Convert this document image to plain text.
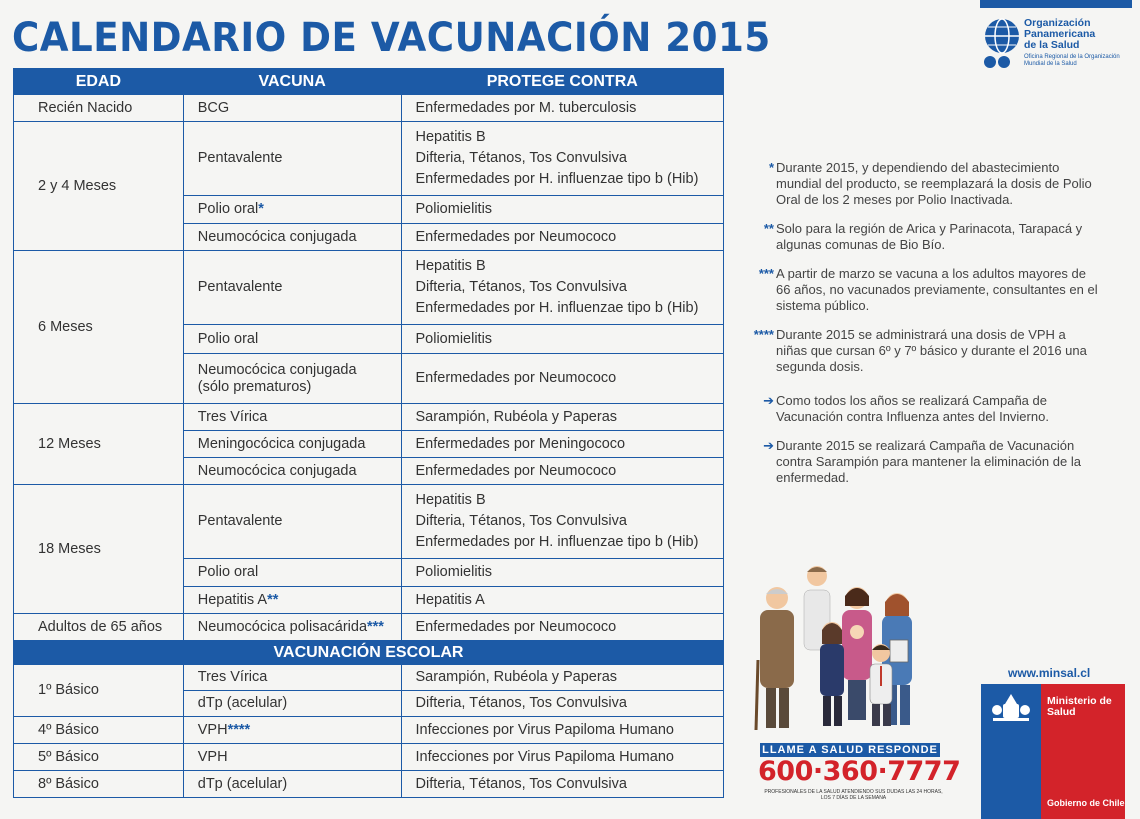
CALENDARIO DE VACUNACIÓN 2015	Organización
Panamericana
de la Salud
Oficina Regional de la Organización Mundial de la Salud
EDAD	VACUNA	PROTEGE CONTRA
Recién Nacido	BCG	Enfermedades por M. tuberculosis
2 y 4 Meses	Pentavalente	Hepatitis B
Difteria, Tétanos, Tos Convulsiva
Enfermedades por H. influenzae tipo b (Hib)

	Polio oral*	Poliomielitis
	Neumocócica conjugada	Enfermedades por Neumococo
6 Meses	Pentavalente	Hepatitis B
Difteria, Tétanos, Tos Convulsiva
Enfermedades por H. influenzae tipo b (Hib)

	Polio oral	Poliomielitis

	Neumocócica conjugada
(sólo prematuros)	Enfermedades por Neumococo
12 Meses	Tres Vírica	Sarampión, Rubéola y Paperas
	Meningocócica conjugada	Enfermedades por Meningococo
	Neumocócica conjugada	Enfermedades por Neumococo
18 Meses	Pentavalente	Hepatitis B
Difteria, Tétanos, Tos Convulsiva
Enfermedades por H. influenzae tipo b (Hib)

	Polio oral	Poliomielitis
	Hepatitis A**	Hepatitis A
Adultos de 65 años	Neumocócica polisacárida***	Enfermedades por Neumococo
VACUNACIÓN ESCOLAR		
1º Básico	Tres Vírica	Sarampión, Rubéola y Paperas
	dTp (acelular)	Difteria, Tétanos, Tos Convulsiva
4º Básico	VPH****	Infecciones por Virus Papiloma Humano
5º Básico	VPH	Infecciones por Virus Papiloma Humano
8º Básico	dTp (acelular)	Difteria, Tétanos, Tos Convulsiva
* Durante 2015, y dependiendo del abastecimiento mundial del producto, se reemplazará la dosis de Polio Oral de los 2 meses por Polio Inactivada.
** Solo para la región de Arica y Parinacota, Tarapacá y algunas comunas de Bio Bío.
*** A partir de marzo se vacuna a los adultos mayores de 66 años, no vacunados previamente, consultantes en el sistema público.
**** Durante 2015 se administrará una dosis de VPH a niñas que cursan 6º y 7º básico y durante el 2016 una segunda dosis.
➔ Como todos los años se realizará Campaña de Vacunación contra Influenza antes del Invierno.
➔ Durante 2015 se realizará Campaña de Vacunación contra Sarampión para mantener la eliminación de la enfermedad.
LLAME A SALUD RESPONDE
600·360·7777
PROFESIONALES DE LA SALUD ATENDIENDO SUS DUDAS LAS 24 HORAS,
LOS 7 DÍAS DE LA SEMANA
www.minsal.cl
Ministerio de
Salud
Gobierno de Chile
